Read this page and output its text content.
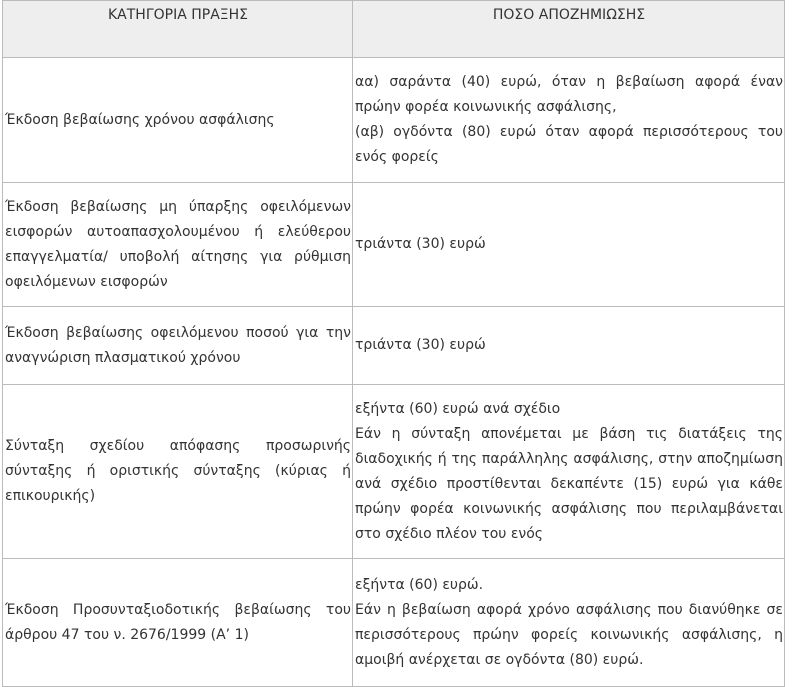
ΚΑΤΗΓΟΡΙΑ ΠΡΑΞΗΣ	ΠΟΣΟ ΑΠΟΖΗΜΙΩΣΗΣ
Έκδοση βεβαίωσης χρόνου ασφάλισης	αα) σαράντα (40) ευρώ, όταν η βεβαίωση αφορά έναν πρώην φορέα κοινωνικής ασφάλισης,
(αβ) ογδόντα (80) ευρώ όταν αφορά περισσότερους του ενός φορείς

Έκδοση βεβαίωσης μη ύπαρξης οφειλόμενων εισφορών αυτοαπασχολουμένου ή ελεύθερου επαγγελματία/ υποβολή αίτησης για ρύθμιση οφειλόμενων εισφορών	τριάντα (30) ευρώ

Έκδοση βεβαίωσης οφειλόμενου ποσού για την αναγνώριση πλασματικού χρόνου	τριάντα (30) ευρώ

Σύνταξη σχεδίου απόφασης προσωρινής σύνταξης ή οριστικής σύνταξης (κύριας ή επικουρικής)	εξήντα (60) ευρώ ανά σχέδιο
Εάν η σύνταξη απονέμεται με βάση τις διατάξεις της διαδοχικής ή της παράλληλης ασφάλισης, στην αποζημίωση ανά σχέδιο προστίθενται δεκαπέντε (15) ευρώ για κάθε πρώην φορέα κοινωνικής ασφάλισης που περιλαμβάνεται στο σχέδιο πλέον του ενός

Έκδοση Προσυνταξιοδοτικής βεβαίωσης του άρθρου 47 του ν. 2676/1999 (Α’ 1)	εξήντα (60) ευρώ.
Εάν η βεβαίωση αφορά χρόνο ασφάλισης που διανύθηκε σε περισσότερους πρώην φορείς κοινωνικής ασφάλισης, η αμοιβή ανέρχεται σε ογδόντα (80) ευρώ.
